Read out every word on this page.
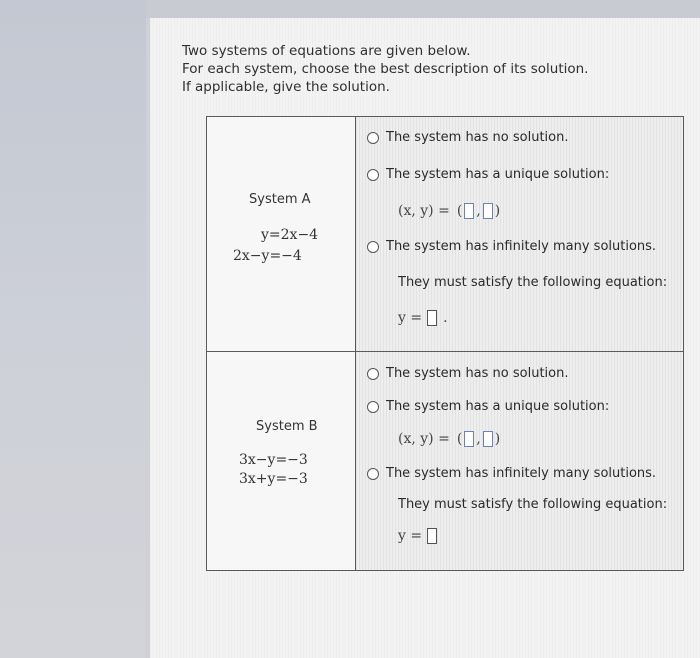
Two systems of equations are given below.
For each system, choose the best description of its solution.
If applicable, give the solution.
System A
y=2x−4
2x−y=−4
The system has no solution.
The system has a unique solution:
(x, y) = ( , )
The system has infinitely many solutions.
They must satisfy the following equation:
y = .
System B
3x−y=−3
3x+y=−3
The system has no solution.
The system has a unique solution:
(x, y) = ( , )
The system has infinitely many solutions.
They must satisfy the following equation:
y =
